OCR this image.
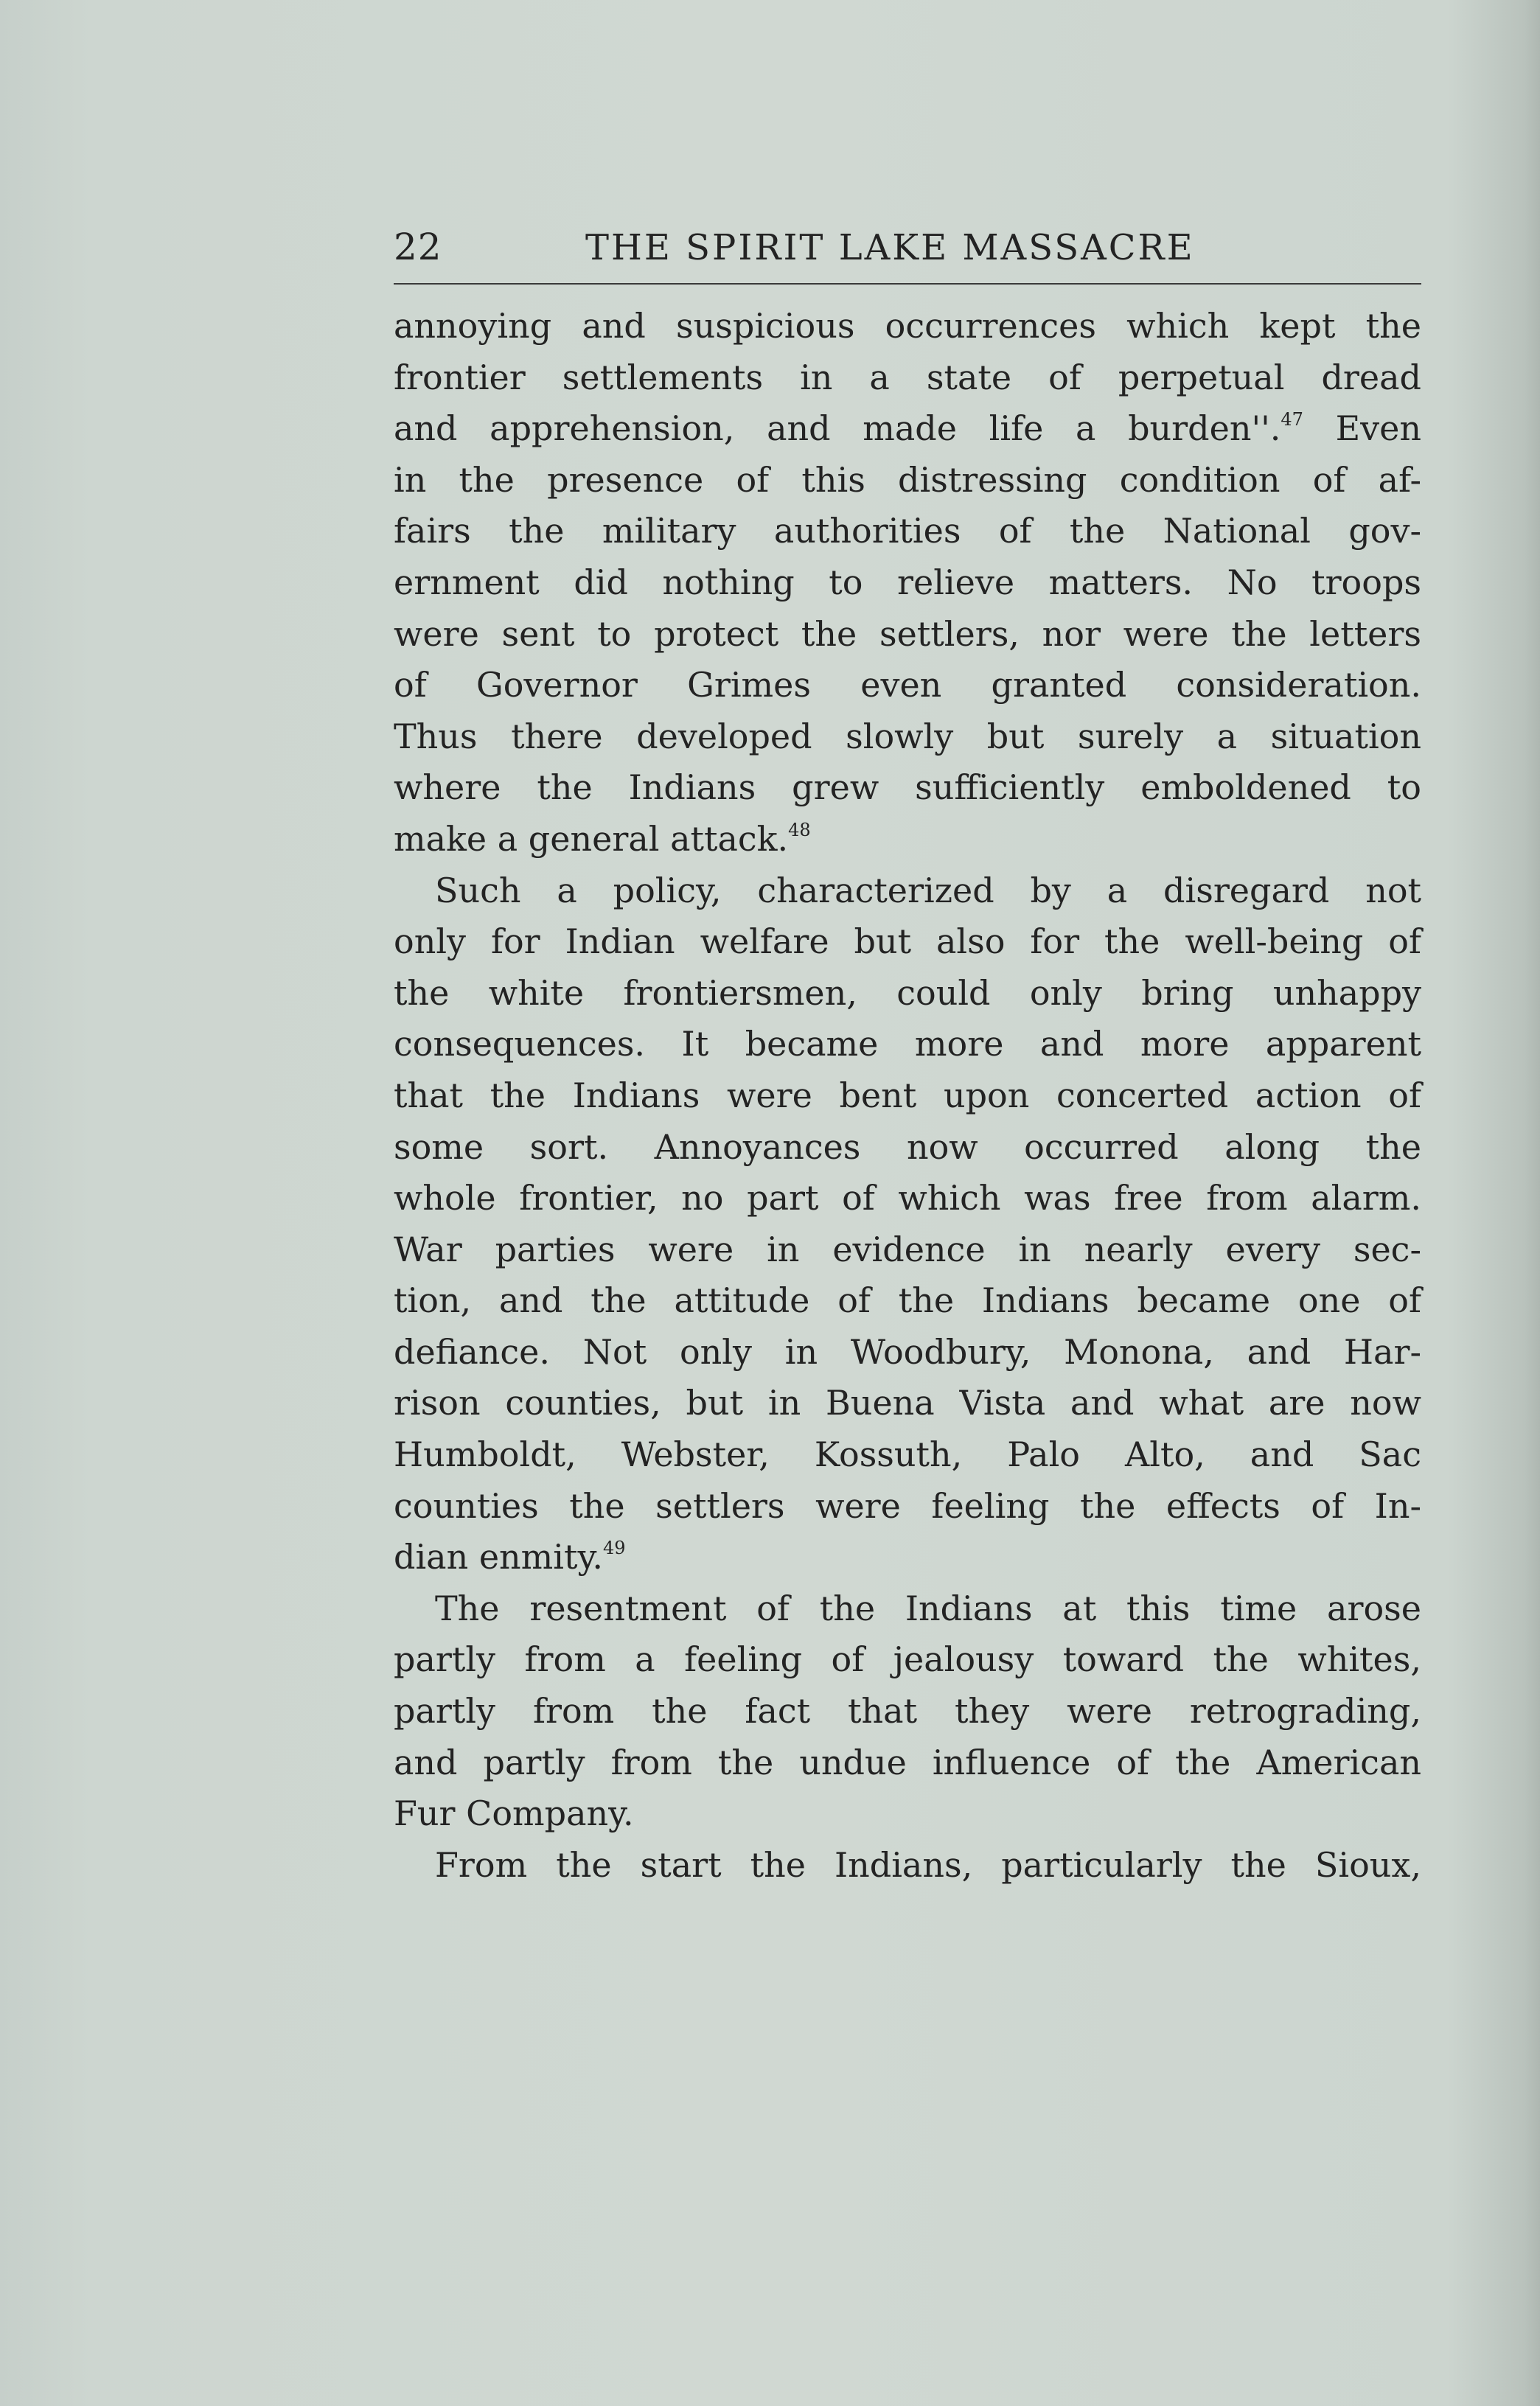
22	THE SPIRIT LAKE MASSACRE
annoying and suspicious occurrences which kept the
frontier settlements in a state of perpetual dread
and apprehension, and made life a burden''.$^{47}$ Even
in the presence of this distressing condition of af-
fairs the military authorities of the National gov-
ernment did nothing to relieve matters. No troops
were sent to protect the settlers, nor were the letters
of Governor Grimes even granted consideration.
Thus there developed slowly but surely a situation
where the Indians grew sufficiently emboldened to
make a general attack.$^{48}$
Such a policy, characterized by a disregard not
only for Indian welfare but also for the well-being of
the white frontiersmen, could only bring unhappy
consequences. It became more and more apparent
that the Indians were bent upon concerted action of
some sort. Annoyances now occurred along the
whole frontier, no part of which was free from alarm.
War parties were in evidence in nearly every sec-
tion, and the attitude of the Indians became one of
defiance. Not only in Woodbury, Monona, and Har-
rison counties, but in Buena Vista and what are now
Humboldt, Webster, Kossuth, Palo Alto, and Sac
counties the settlers were feeling the effects of In-
dian enmity.$^{49}$
The resentment of the Indians at this time arose
partly from a feeling of jealousy toward the whites,
partly from the fact that they were retrograding,
and partly from the undue influence of the American
Fur Company.
From the start the Indians, particularly the Sioux,
